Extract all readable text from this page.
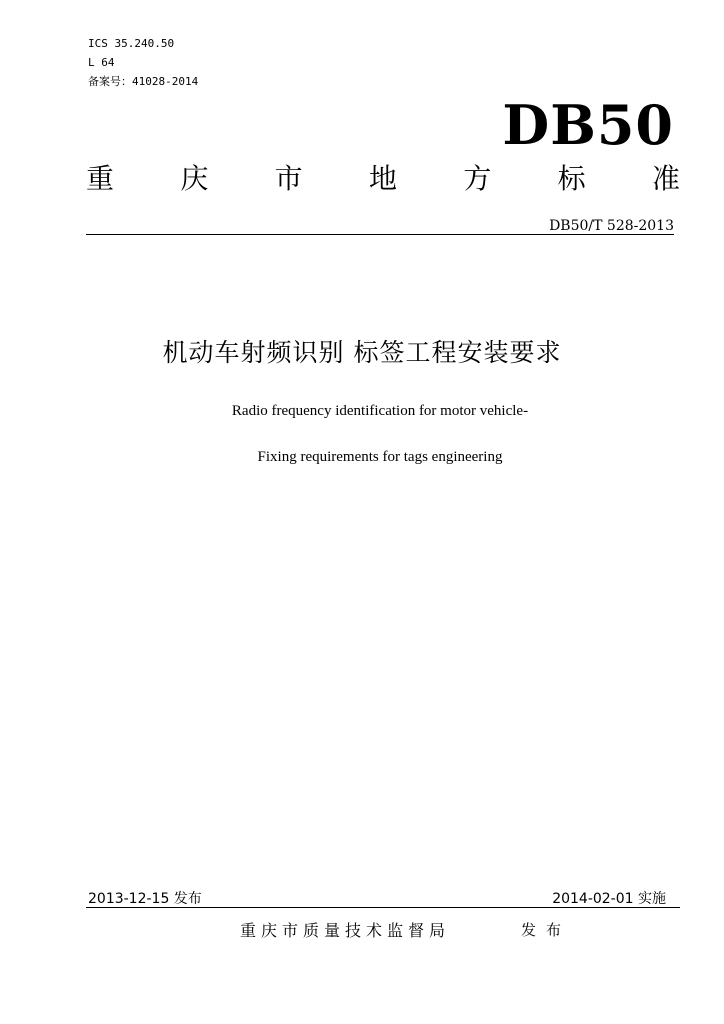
ICS 35.240.50
L 64
备案号：41028-2014
DB50
重 庆 市 地 方 标 准
DB50/T 528-2013
机动车射频识别 标签工程安装要求
Radio frequency identification for motor vehicle-
Fixing requirements for tags engineering
2013-12-15 发布	2014-02-01 实施
重庆市质量技术监督局	发布
